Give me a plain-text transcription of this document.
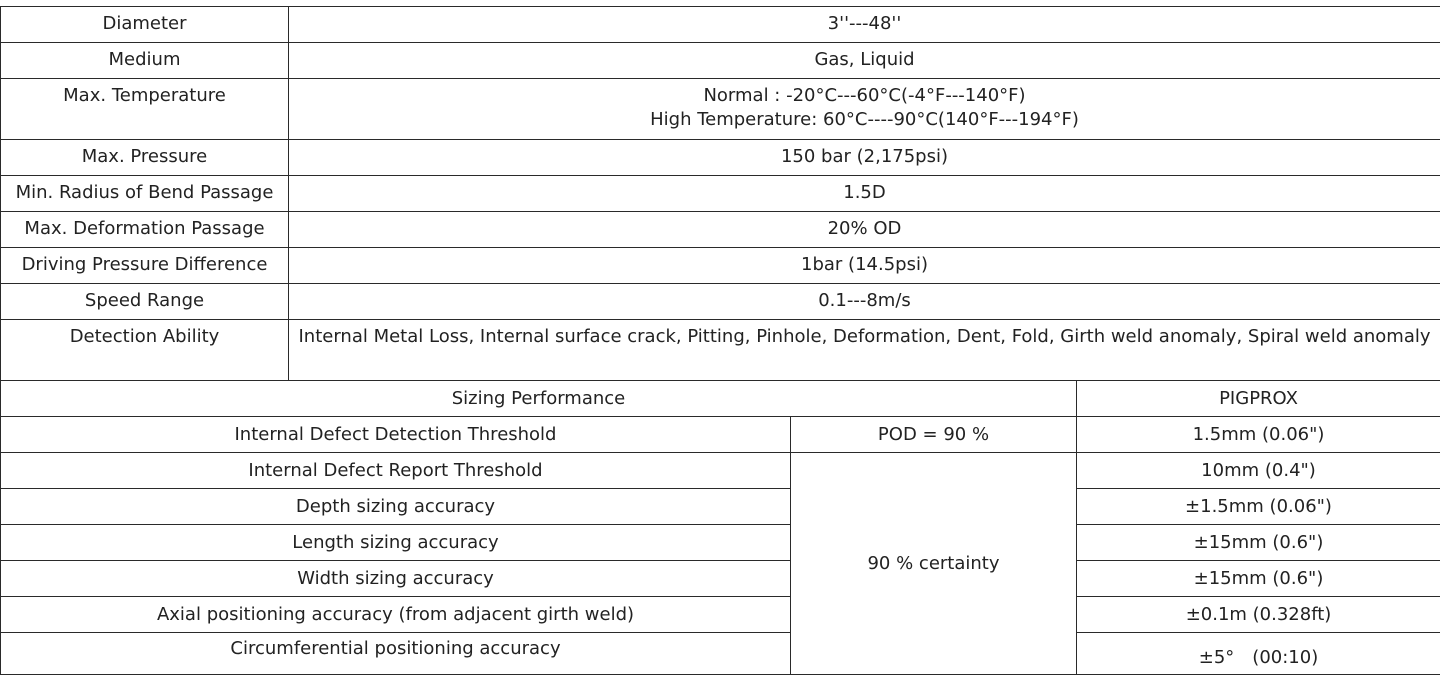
Diameter	3''---48''
Medium	Gas, Liquid
Max. Temperature	Normal : -20°C---60°C(-4°F---140°F)
High Temperature: 60°C----90°C(140°F---194°F)

Max. Pressure	150 bar (2,175psi)
Min. Radius of Bend Passage	1.5D
Max. Deformation Passage	20% OD
Driving Pressure Difference	1bar (14.5psi)
Speed Range	0.1---8m/s
Detection Ability	Internal Metal Loss, Internal surface crack, Pitting, Pinhole, Deformation, Dent, Fold, Girth weld anomaly, Spiral weld anomaly
Sizing Performance		PIGPROX
Internal Defect Detection Threshold	POD = 90 %	1.5mm (0.06")
Internal Defect Report Threshold	90 % certainty	10mm (0.4")
Depth sizing accuracy		±1.5mm (0.06")
Length sizing accuracy		±15mm (0.6")
Width sizing accuracy		±15mm (0.6")
Axial positioning accuracy (from adjacent girth weld)		±0.1m (0.328ft)
Circumferential positioning accuracy		±5°　(00:10)
